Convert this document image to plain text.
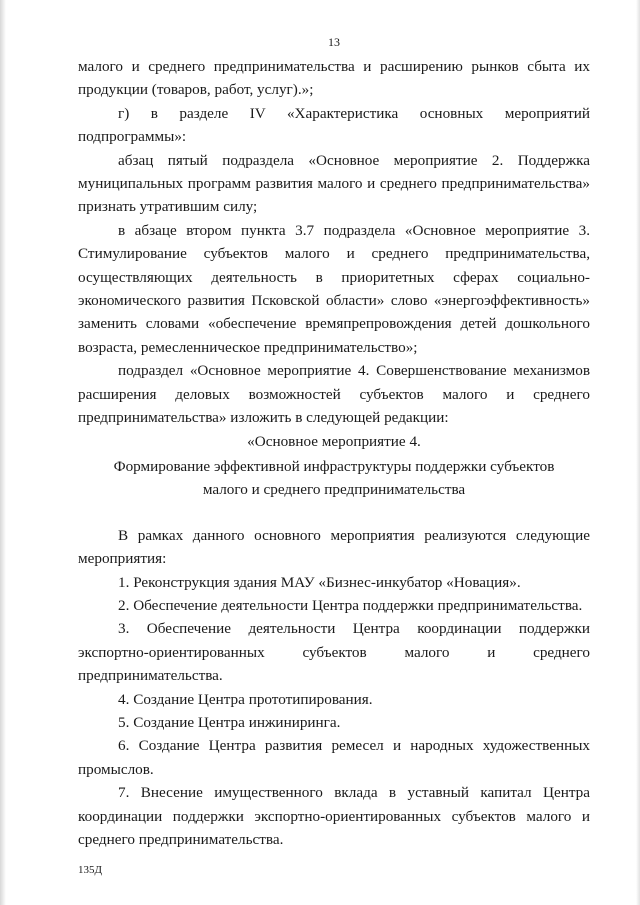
13

малого и среднего предпринимательства и расширению рынков сбыта их продукции (товаров, работ, услуг).»;

г) в разделе IV «Характеристика основных мероприятий подпрограммы»:

абзац пятый подраздела «Основное мероприятие 2. Поддержка муниципальных программ развития малого и среднего предпринимательства» признать утратившим силу;

в абзаце втором пункта 3.7 подраздела «Основное мероприятие 3. Стимулирование субъектов малого и среднего предпринимательства, осуществляющих деятельность в приоритетных сферах социально-экономического развития Псковской области» слово «энергоэффективность» заменить словами «обеспечение времяпрепровождения детей дошкольного возраста, ремесленническое предпринимательство»;

подраздел «Основное мероприятие 4. Совершенствование механизмов расширения деловых возможностей субъектов малого и среднего предпринимательства» изложить в следующей редакции:

«Основное мероприятие 4.

Формирование эффективной инфраструктуры поддержки субъектов

малого и среднего предпринимательства

В рамках данного основного мероприятия реализуются следующие мероприятия:

1. Реконструкция здания МАУ «Бизнес-инкубатор «Новация».

2. Обеспечение деятельности Центра поддержки предпринимательства.

3. Обеспечение деятельности Центра координации поддержки экспортно-ориентированных субъектов малого и среднего предпринимательства.

4. Создание Центра прототипирования.

5. Создание Центра инжиниринга.

6. Создание Центра развития ремесел и народных художественных промыслов.

7. Внесение имущественного вклада в уставный капитал Центра координации поддержки экспортно-ориентированных субъектов малого и среднего предпринимательства.

135Д
